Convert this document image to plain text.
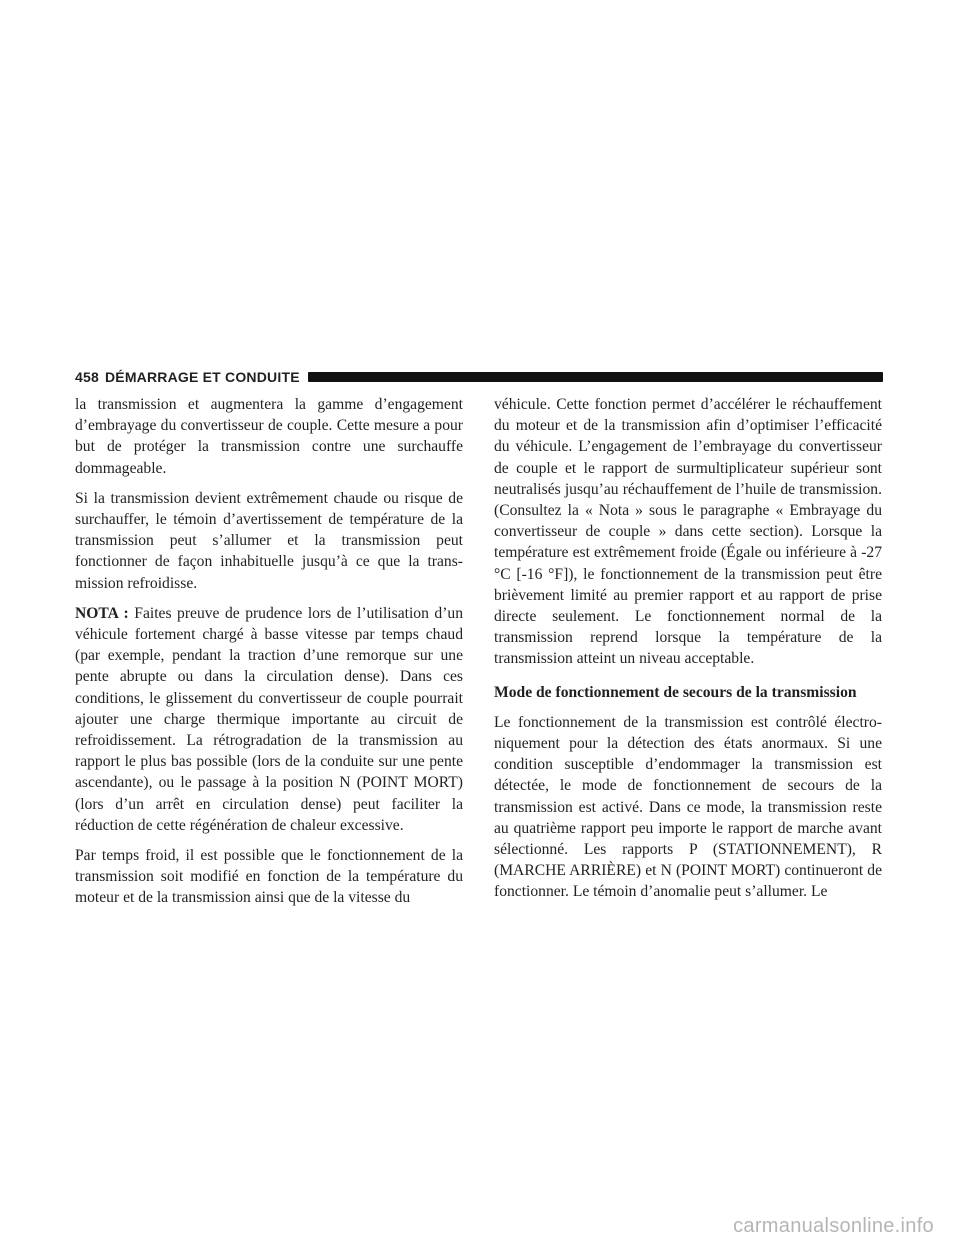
458 DÉMARRAGE ET CONDUITE

la transmission et augmentera la gamme d’engagement d’embrayage du convertisseur de couple. Cette mesure a pour but de protéger la transmission contre une surchauffe dommageable.

Si la transmission devient extrêmement chaude ou risque de surchauffer, le témoin d’avertissement de température de la transmission peut s’allumer et la transmission peut fonctionner de façon inhabituelle jusqu’à ce que la transmission refroidisse.

NOTA : Faites preuve de prudence lors de l’utilisation d’un véhicule fortement chargé à basse vitesse par temps chaud (par exemple, pendant la traction d’une remorque sur une pente abrupte ou dans la circulation dense). Dans ces conditions, le glissement du convertisseur de couple pourrait ajouter une charge thermique importante au circuit de refroidissement. La rétrogradation de la transmission au rapport le plus bas possible (lors de la conduite sur une pente ascendante), ou le passage à la position N (POINT MORT) (lors d’un arrêt en circulation dense) peut faciliter la réduction de cette régénération de chaleur excessive.

Par temps froid, il est possible que le fonctionnement de la transmission soit modifié en fonction de la température du moteur et de la transmission ainsi que de la vitesse du

véhicule. Cette fonction permet d’accélérer le réchauffement du moteur et de la transmission afin d’optimiser l’efficacité du véhicule. L’engagement de l’embrayage du convertisseur de couple et le rapport de surmultiplicateur supérieur sont neutralisés jusqu’au réchauffement de l’huile de transmission. (Consultez la « Nota » sous le paragraphe « Embrayage du convertisseur de couple » dans cette section). Lorsque la température est extrêmement froide (Égale ou inférieure à -27 °C [-16 °F]), le fonctionnement de la transmission peut être brièvement limité au premier rapport et au rapport de prise directe seulement. Le fonctionnement normal de la transmission reprend lorsque la température de la transmission atteint un niveau acceptable.

Mode de fonctionnement de secours de la transmission

Le fonctionnement de la transmission est contrôlé électroniquement pour la détection des états anormaux. Si une condition susceptible d’endommager la transmission est détectée, le mode de fonctionnement de secours de la transmission est activé. Dans ce mode, la transmission reste au quatrième rapport peu importe le rapport de marche avant sélectionné. Les rapports P (STATIONNEMENT), R (MARCHE ARRIÈRE) et N (POINT MORT) continueront de fonctionner. Le témoin d’anomalie peut s’allumer. Le

carmanualsonline.info
